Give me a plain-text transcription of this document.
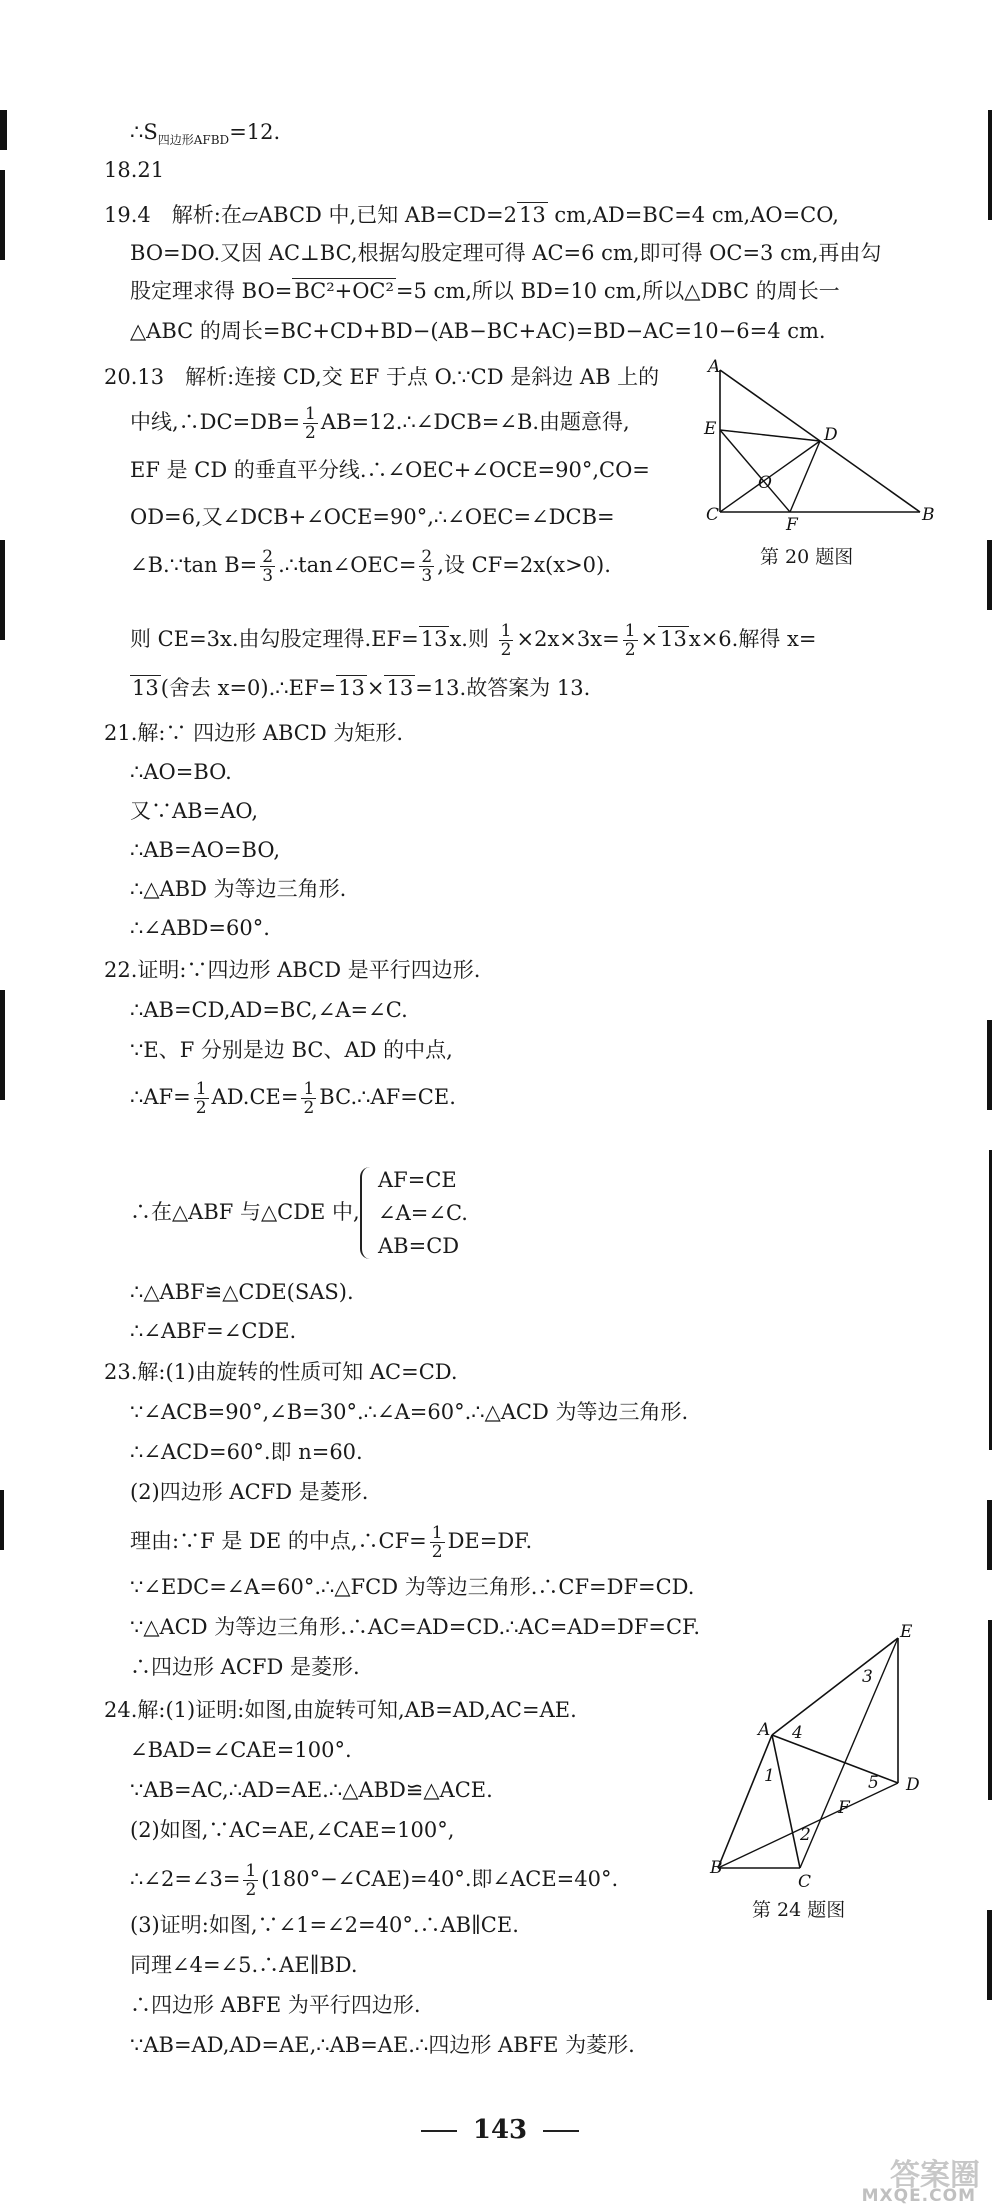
$\therefore S_{四边形AFBD}=12$.
18.21
19.4　解析:在▱ABCD 中,已知 AB=CD=213 cm,AD=BC=4 cm,AO=CO,
BO=DO.又因 AC⊥BC,根据勾股定理可得 AC=6 cm,即可得 OC=3 cm,再由勾
股定理求得 BO=BC²+OC²=5 cm,所以 BD=10 cm,所以△DBC 的周长一
△ABC 的周长=BC+CD+BD−(AB−BC+AC)=BD−AC=10−6=4 cm.
20.13　解析:连接 CD,交 EF 于点 O.∵CD 是斜边 AB 上的
中线,∴DC=DB= $\frac{1}{2}$ AB=12.∴∠DCB=∠B.由题意得,
EF 是 CD 的垂直平分线.∴∠OEC+∠OCE=90°,CO=
OD=6,又∠DCB+∠OCE=90°,∴∠OEC=∠DCB=
∠B.∵tan $B= \frac{2}{3}$ .∴tan∠OEC= $\frac{2}{3}$ ,设 CF=2x(x>0).
则 CE=3x.由勾股定理得.EF=13x.则 $\frac{1}{2} \times 2x\times 3x= \frac{1}{2} \times 13x\times 6$.解得 x=
13(舍去 x=0).∴EF=13×13=13.故答案为 13.
A
E	D
O
C	F	B
第 20 题图
21.解:∵ 四边形 ABCD 为矩形.
∴AO=BO.
又∵AB=AO,
∴AB=AO=BO,
∴△ABD 为等边三角形.
∴∠ABD=60°.
22.证明:∵四边形 ABCD 是平行四边形.
∴AB=CD,AD=BC,∠A=∠C.
∵E、F 分别是边 BC、AD 的中点,
∴AF= $\frac{1}{2} AD.CE= \frac{1}{2}$ BC.∴AF=CE.
∴在△ABF 与△CDE 中,
AF=CE
∠A=∠C.
AB=CD
∴△ABF≌△CDE(SAS).
∴∠ABF=∠CDE.
23.解:(1)由旋转的性质可知 AC=CD.
∵∠ACB=90°,∠B=30°.∴∠A=60°.∴△ACD 为等边三角形.
∴∠ACD=60°.即 n=60.
(2)四边形 ACFD 是菱形.
理由:∵F 是 DE 的中点,∴CF= $\frac{1}{2} DE=DF$.
∵∠EDC=∠A=60°.∴△FCD 为等边三角形.∴CF=DF=CD.
∵△ACD 为等边三角形.∴AC=AD=CD.∴AC=AD=DF=CF.
∴四边形 ACFD 是菱形.
24.解:(1)证明:如图,由旋转可知,AB=AD,AC=AE.
∠BAD=∠CAE=100°.
∵AB=AC,∴AD=AE.∴△ABD≌△ACE.
(2)如图,∵AC=AE,∠CAE=100°,
∴∠2=∠3= $\frac{1}{2}$ (180°−∠CAE)=40°.即∠ACE=40°.
(3)证明:如图,∵∠1=∠2=40°.∴AB∥CE.
同理∠4=∠5.∴AE∥BD.
∴四边形 ABFE 为平行四边形.
∵AB=AD,AD=AE,∴AB=AE.∴四边形 ABFE 为菱形.
A
E
D
F
B
C
1
2
3
4
5
第 24 题图
143
答案圈
MXQE.COM
